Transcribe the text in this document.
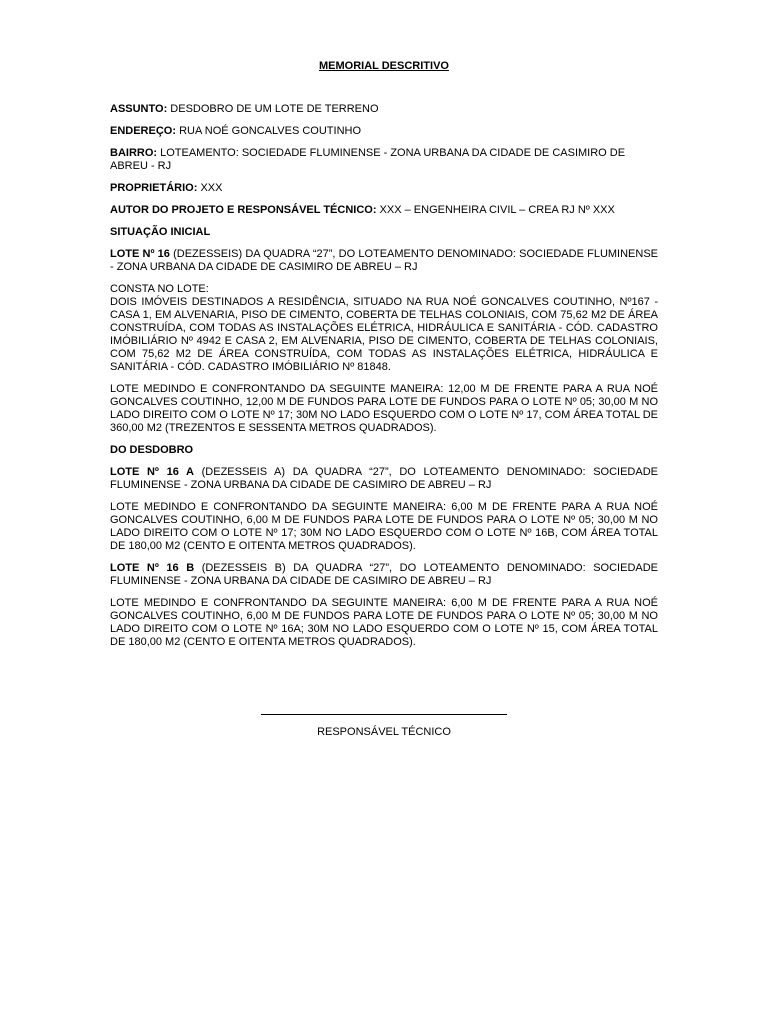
MEMORIAL DESCRITIVO

ASSUNTO: DESDOBRO DE UM LOTE DE TERRENO

ENDEREÇO: RUA NOÉ GONCALVES COUTINHO

BAIRRO: LOTEAMENTO: SOCIEDADE FLUMINENSE - ZONA URBANA DA CIDADE DE CASIMIRO DE ABREU - RJ

PROPRIETÁRIO: XXX

AUTOR DO PROJETO E RESPONSÁVEL TÉCNICO: XXX – ENGENHEIRA CIVIL – CREA RJ Nº XXX

SITUAÇÃO INICIAL

LOTE Nº 16 (DEZESSEIS) DA QUADRA “27”, DO LOTEAMENTO DENOMINADO: SOCIEDADE FLUMINENSE - ZONA URBANA DA CIDADE DE CASIMIRO DE ABREU – RJ

CONSTA NO LOTE:
DOIS IMÓVEIS DESTINADOS A RESIDÊNCIA, SITUADO NA RUA NOÉ GONCALVES COUTINHO, Nº167 - CASA 1, EM ALVENARIA, PISO DE CIMENTO, COBERTA DE TELHAS COLONIAIS, COM 75,62 M2 DE ÁREA CONSTRUÍDA, COM TODAS AS INSTALAÇÕES ELÉTRICA, HIDRÁULICA E SANITÁRIA - CÓD. CADASTRO IMÓBILIÁRIO Nº 4942 E CASA 2, EM ALVENARIA, PISO DE CIMENTO, COBERTA DE TELHAS COLONIAIS, COM 75,62 M2 DE ÁREA CONSTRUÍDA, COM TODAS AS INSTALAÇÕES ELÉTRICA, HIDRÁULICA E SANITÁRIA - CÓD. CADASTRO IMÓBILIÁRIO Nº 81848.

LOTE MEDINDO E CONFRONTANDO DA SEGUINTE MANEIRA: 12,00 M DE FRENTE PARA A RUA NOÉ GONCALVES COUTINHO, 12,00 M DE FUNDOS PARA LOTE DE FUNDOS PARA O LOTE Nº 05; 30,00 M NO LADO DIREITO COM O LOTE Nº 17; 30M NO LADO ESQUERDO COM O LOTE Nº 17, COM ÁREA TOTAL DE 360,00 M2 (TREZENTOS E SESSENTA METROS QUADRADOS).

DO DESDOBRO

LOTE Nº 16 A (DEZESSEIS A) DA QUADRA “27”, DO LOTEAMENTO DENOMINADO: SOCIEDADE FLUMINENSE - ZONA URBANA DA CIDADE DE CASIMIRO DE ABREU – RJ

LOTE MEDINDO E CONFRONTANDO DA SEGUINTE MANEIRA: 6,00 M DE FRENTE PARA A RUA NOÉ GONCALVES COUTINHO, 6,00 M DE FUNDOS PARA LOTE DE FUNDOS PARA O LOTE Nº 05; 30,00 M NO LADO DIREITO COM O LOTE Nº 17; 30M NO LADO ESQUERDO COM O LOTE Nº 16B, COM ÁREA TOTAL DE 180,00 M2 (CENTO E OITENTA METROS QUADRADOS).

LOTE Nº 16 B (DEZESSEIS B) DA QUADRA “27”, DO LOTEAMENTO DENOMINADO: SOCIEDADE FLUMINENSE - ZONA URBANA DA CIDADE DE CASIMIRO DE ABREU – RJ

LOTE MEDINDO E CONFRONTANDO DA SEGUINTE MANEIRA: 6,00 M DE FRENTE PARA A RUA NOÉ GONCALVES COUTINHO, 6,00 M DE FUNDOS PARA LOTE DE FUNDOS PARA O LOTE Nº 05; 30,00 M NO LADO DIREITO COM O LOTE Nº 16A; 30M NO LADO ESQUERDO COM O LOTE Nº 15, COM ÁREA TOTAL DE 180,00 M2 (CENTO E OITENTA METROS QUADRADOS).

RESPONSÁVEL TÉCNICO
